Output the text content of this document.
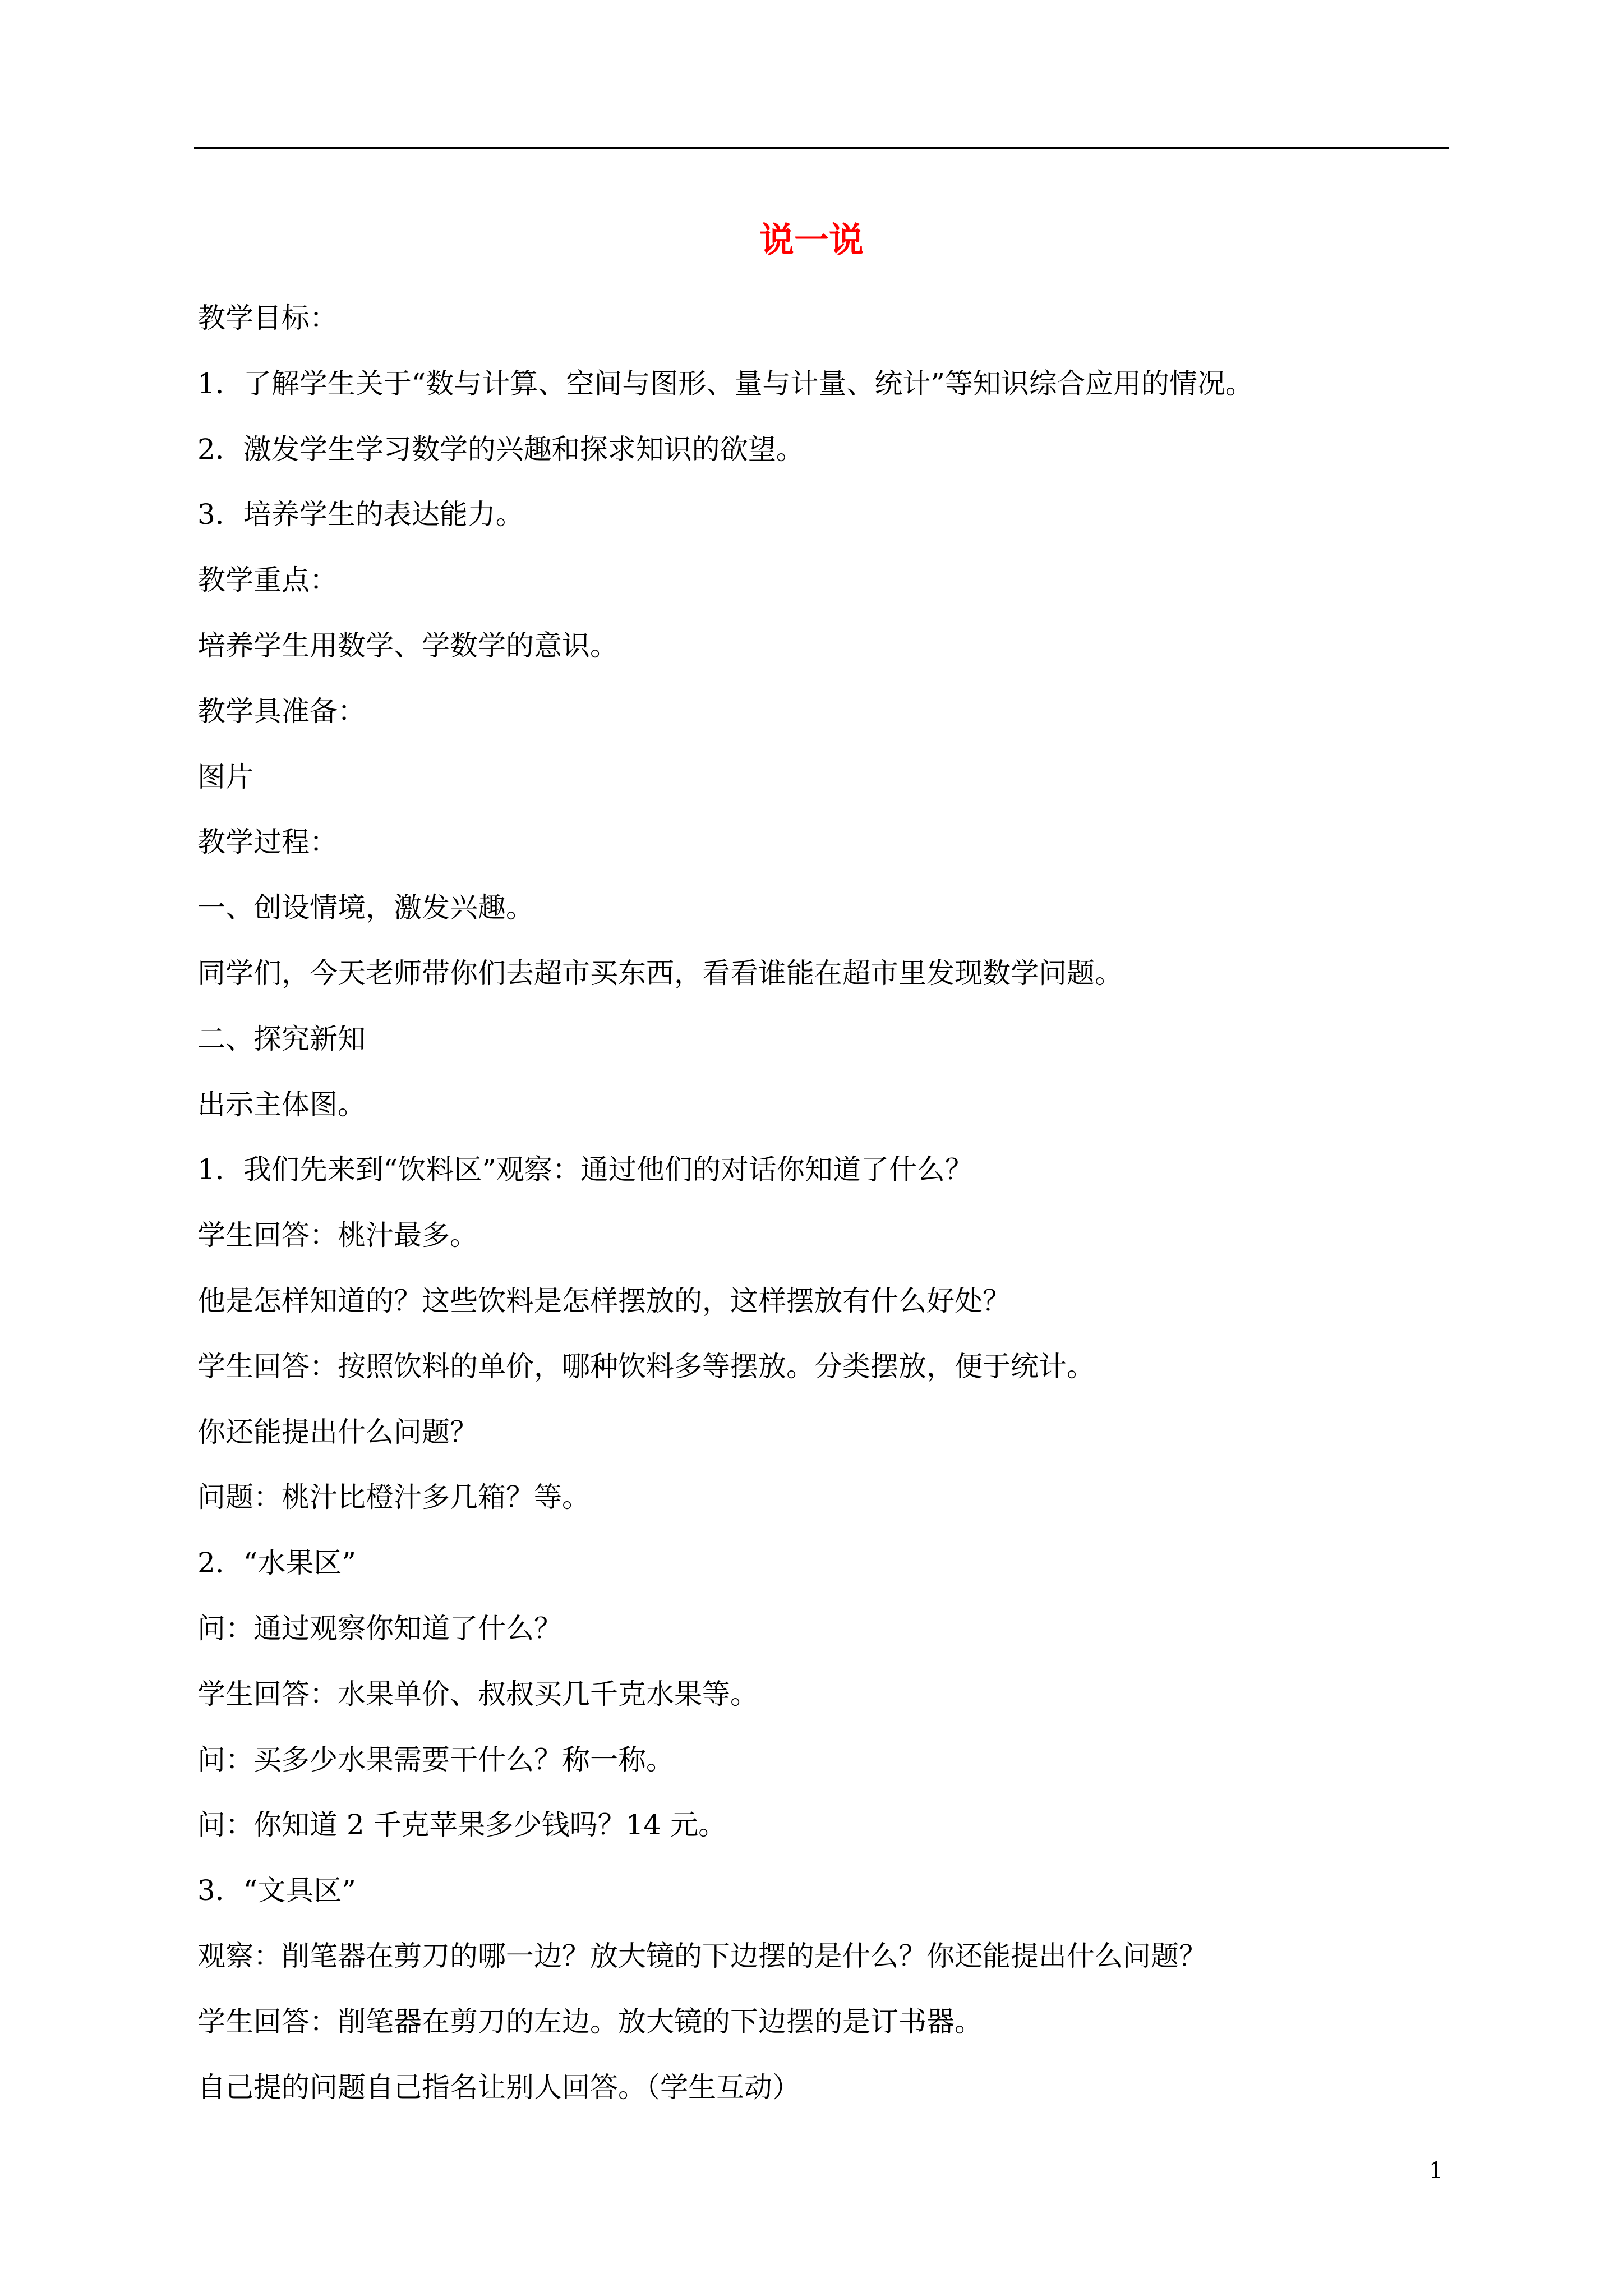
说一说
教学目标：
1．了解学生关于“数与计算、空间与图形、量与计量、统计”等知识综合应用的情况。
2．激发学生学习数学的兴趣和探求知识的欲望。
3．培养学生的表达能力。
教学重点：
培养学生用数学、学数学的意识。
教学具准备：
图片
教学过程：
一、创设情境，激发兴趣。
同学们，今天老师带你们去超市买东西，看看谁能在超市里发现数学问题。
二、探究新知
出示主体图。
1．我们先来到“饮料区”观察：通过他们的对话你知道了什么？
学生回答：桃汁最多。
他是怎样知道的？这些饮料是怎样摆放的，这样摆放有什么好处？
学生回答：按照饮料的单价，哪种饮料多等摆放。分类摆放，便于统计。
你还能提出什么问题？
问题：桃汁比橙汁多几箱？等。
2．“水果区”
问：通过观察你知道了什么？
学生回答：水果单价、叔叔买几千克水果等。
问：买多少水果需要干什么？称一称。
问：你知道 2 千克苹果多少钱吗？14 元。
3．“文具区”
观察：削笔器在剪刀的哪一边？放大镜的下边摆的是什么？你还能提出什么问题？
学生回答：削笔器在剪刀的左边。放大镜的下边摆的是订书器。
自己提的问题自己指名让别人回答。（学生互动）
1
